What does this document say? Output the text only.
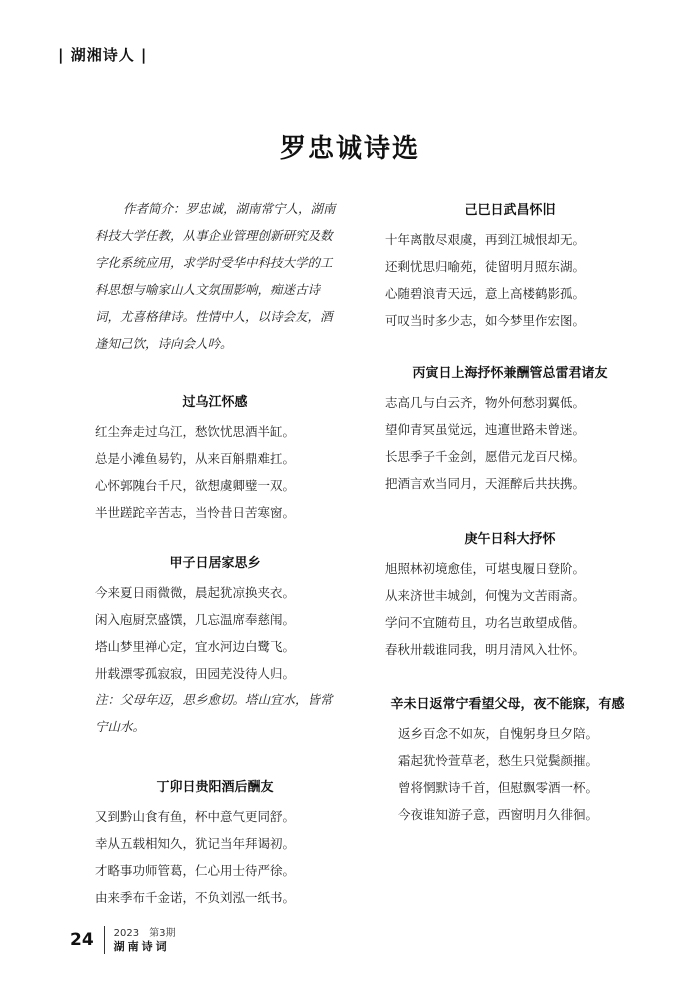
| 湖湘诗人 |
罗忠诚诗选
作者简介：罗忠诚，湖南常宁人，湖南科技大学任教，从事企业管理创新研究及数字化系统应用，求学时受华中科技大学的工科思想与喻家山人文氛围影响，痴迷古诗词，尤喜格律诗。性情中人，以诗会友，酒逢知己饮，诗向会人吟。
过乌江怀感
红尘奔走过乌江，愁饮忧思酒半缸。
总是小滩鱼易钓，从来百斛鼎难扛。
心怀郭隗台千尺，欲想虞卿璧一双。
半世蹉跎辛苦志，当怜昔日苦寒窗。
甲子日居家思乡
今来夏日雨微微，晨起犹凉换夹衣。
闲入庖厨烹盛馔，几忘温席奉慈闱。
塔山梦里禅心定，宜水河边白鹭飞。
卅载漂零孤寂寂，田园芜没待人归。
注：父母年迈，思乡愈切。塔山宜水，皆常宁山水。
丁卯日贵阳酒后酬友
又到黔山食有鱼，杯中意气更同舒。
幸从五载相知久，犹记当年拜谒初。
才略事功师管葛，仁心用士待严徐。
由来季布千金诺，不负刘泓一纸书。
己巳日武昌怀旧
十年离散尽艰虞，再到江城恨却无。
还剩忧思归喻苑，徒留明月照东湖。
心随碧浪青天远，意上高楼鹤影孤。
可叹当时多少志，如今梦里作宏图。
丙寅日上海抒怀兼酬管总雷君诸友
志高几与白云齐，物外何愁羽翼低。
望仰青冥虽觉远，迍邅世路未曾迷。
长思季子千金剑，愿借元龙百尺梯。
把酒言欢当同月，天涯醉后共扶携。
庚午日科大抒怀
旭照林初境愈佳，可堪曳履日登阶。
从来济世丰城剑，何愧为文苦雨斋。
学问不宜随苟且，功名岂敢望成偕。
春秋卅载谁同我，明月清风入壮怀。
辛未日返常宁看望父母，夜不能寐，有感
返乡百念不如灰，自愧躬身旦夕陪。
霜起犹怜萱草老，愁生只觉鬓颜摧。
曾将惘默诗千首，但慰飘零酒一杯。
今夜谁知游子意，西窗明月久徘徊。
24 2023　第3期
湖南诗词
